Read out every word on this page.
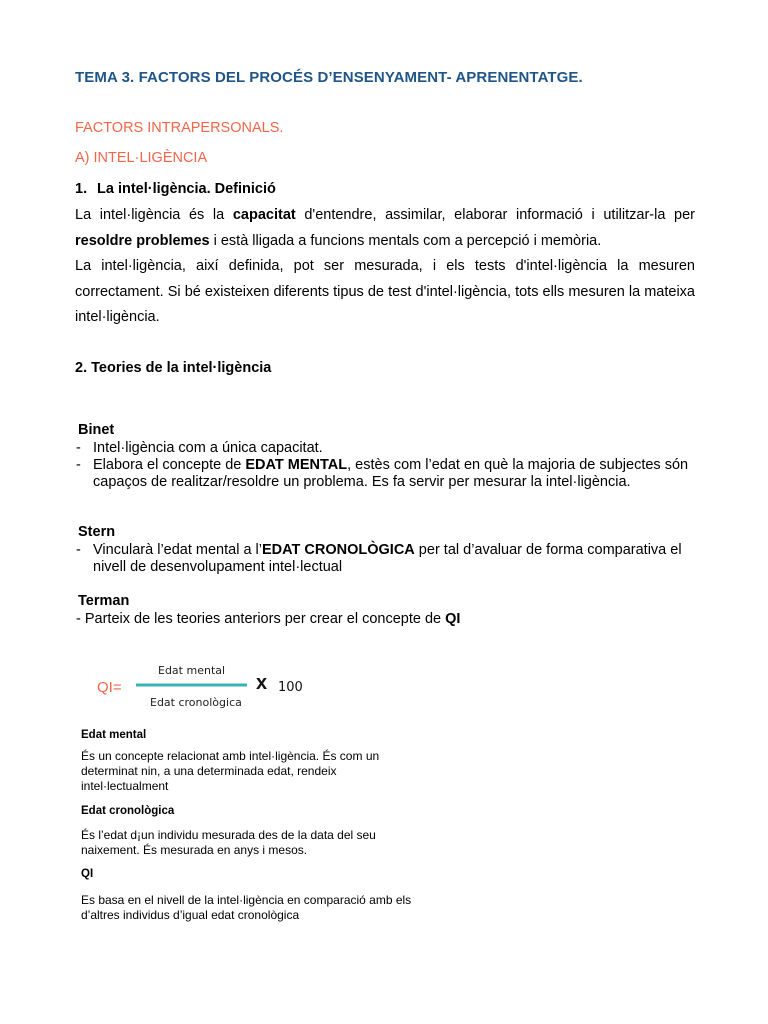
TEMA 3. FACTORS DEL PROCÉS D’ENSENYAMENT- APRENENTATGE.
FACTORS INTRAPERSONALS.
A) INTEL·LIGÈNCIA
1. La intel·ligència. Definició
La intel·ligència és la capacitat d'entendre, assimilar, elaborar informació i utilitzar-la per resoldre problemes i està lligada a funcions mentals com a percepció i memòria.
La intel·ligència, així definida, pot ser mesurada, i els tests d'intel·ligència la mesuren correctament. Si bé existeixen diferents tipus de test d'intel·ligència, tots ells mesuren la mateixa intel·ligència.
2. Teories de la intel·ligència
Binet
- Intel·ligència com a única capacitat.
- Elabora el concepte de EDAT MENTAL, estès com l’edat en què la majoria de subjectes són capaços de realitzar/resoldre un problema. Es fa servir per mesurar la intel·ligència.
Stern
- Vincularà l’edat mental a l’EDAT CRONOLÒGICA per tal d’avaluar de forma comparativa el nivell de desenvolupament intel·lectual
Terman
- Parteix de les teories anteriors per crear el concepte de QI
QI=
Edat mental
Edat cronològica
x 100
Edat mental
És un concepte relacionat amb intel·ligència. És com un determinat nin, a una determinada edat, rendeix intel·lectualment
Edat cronològica
És l’edat d¡un individu mesurada des de la data del seu naixement. És mesurada en anys i mesos.
QI
Es basa en el nivell de la intel·ligència en comparació amb els d’altres individus d’igual edat cronològica
